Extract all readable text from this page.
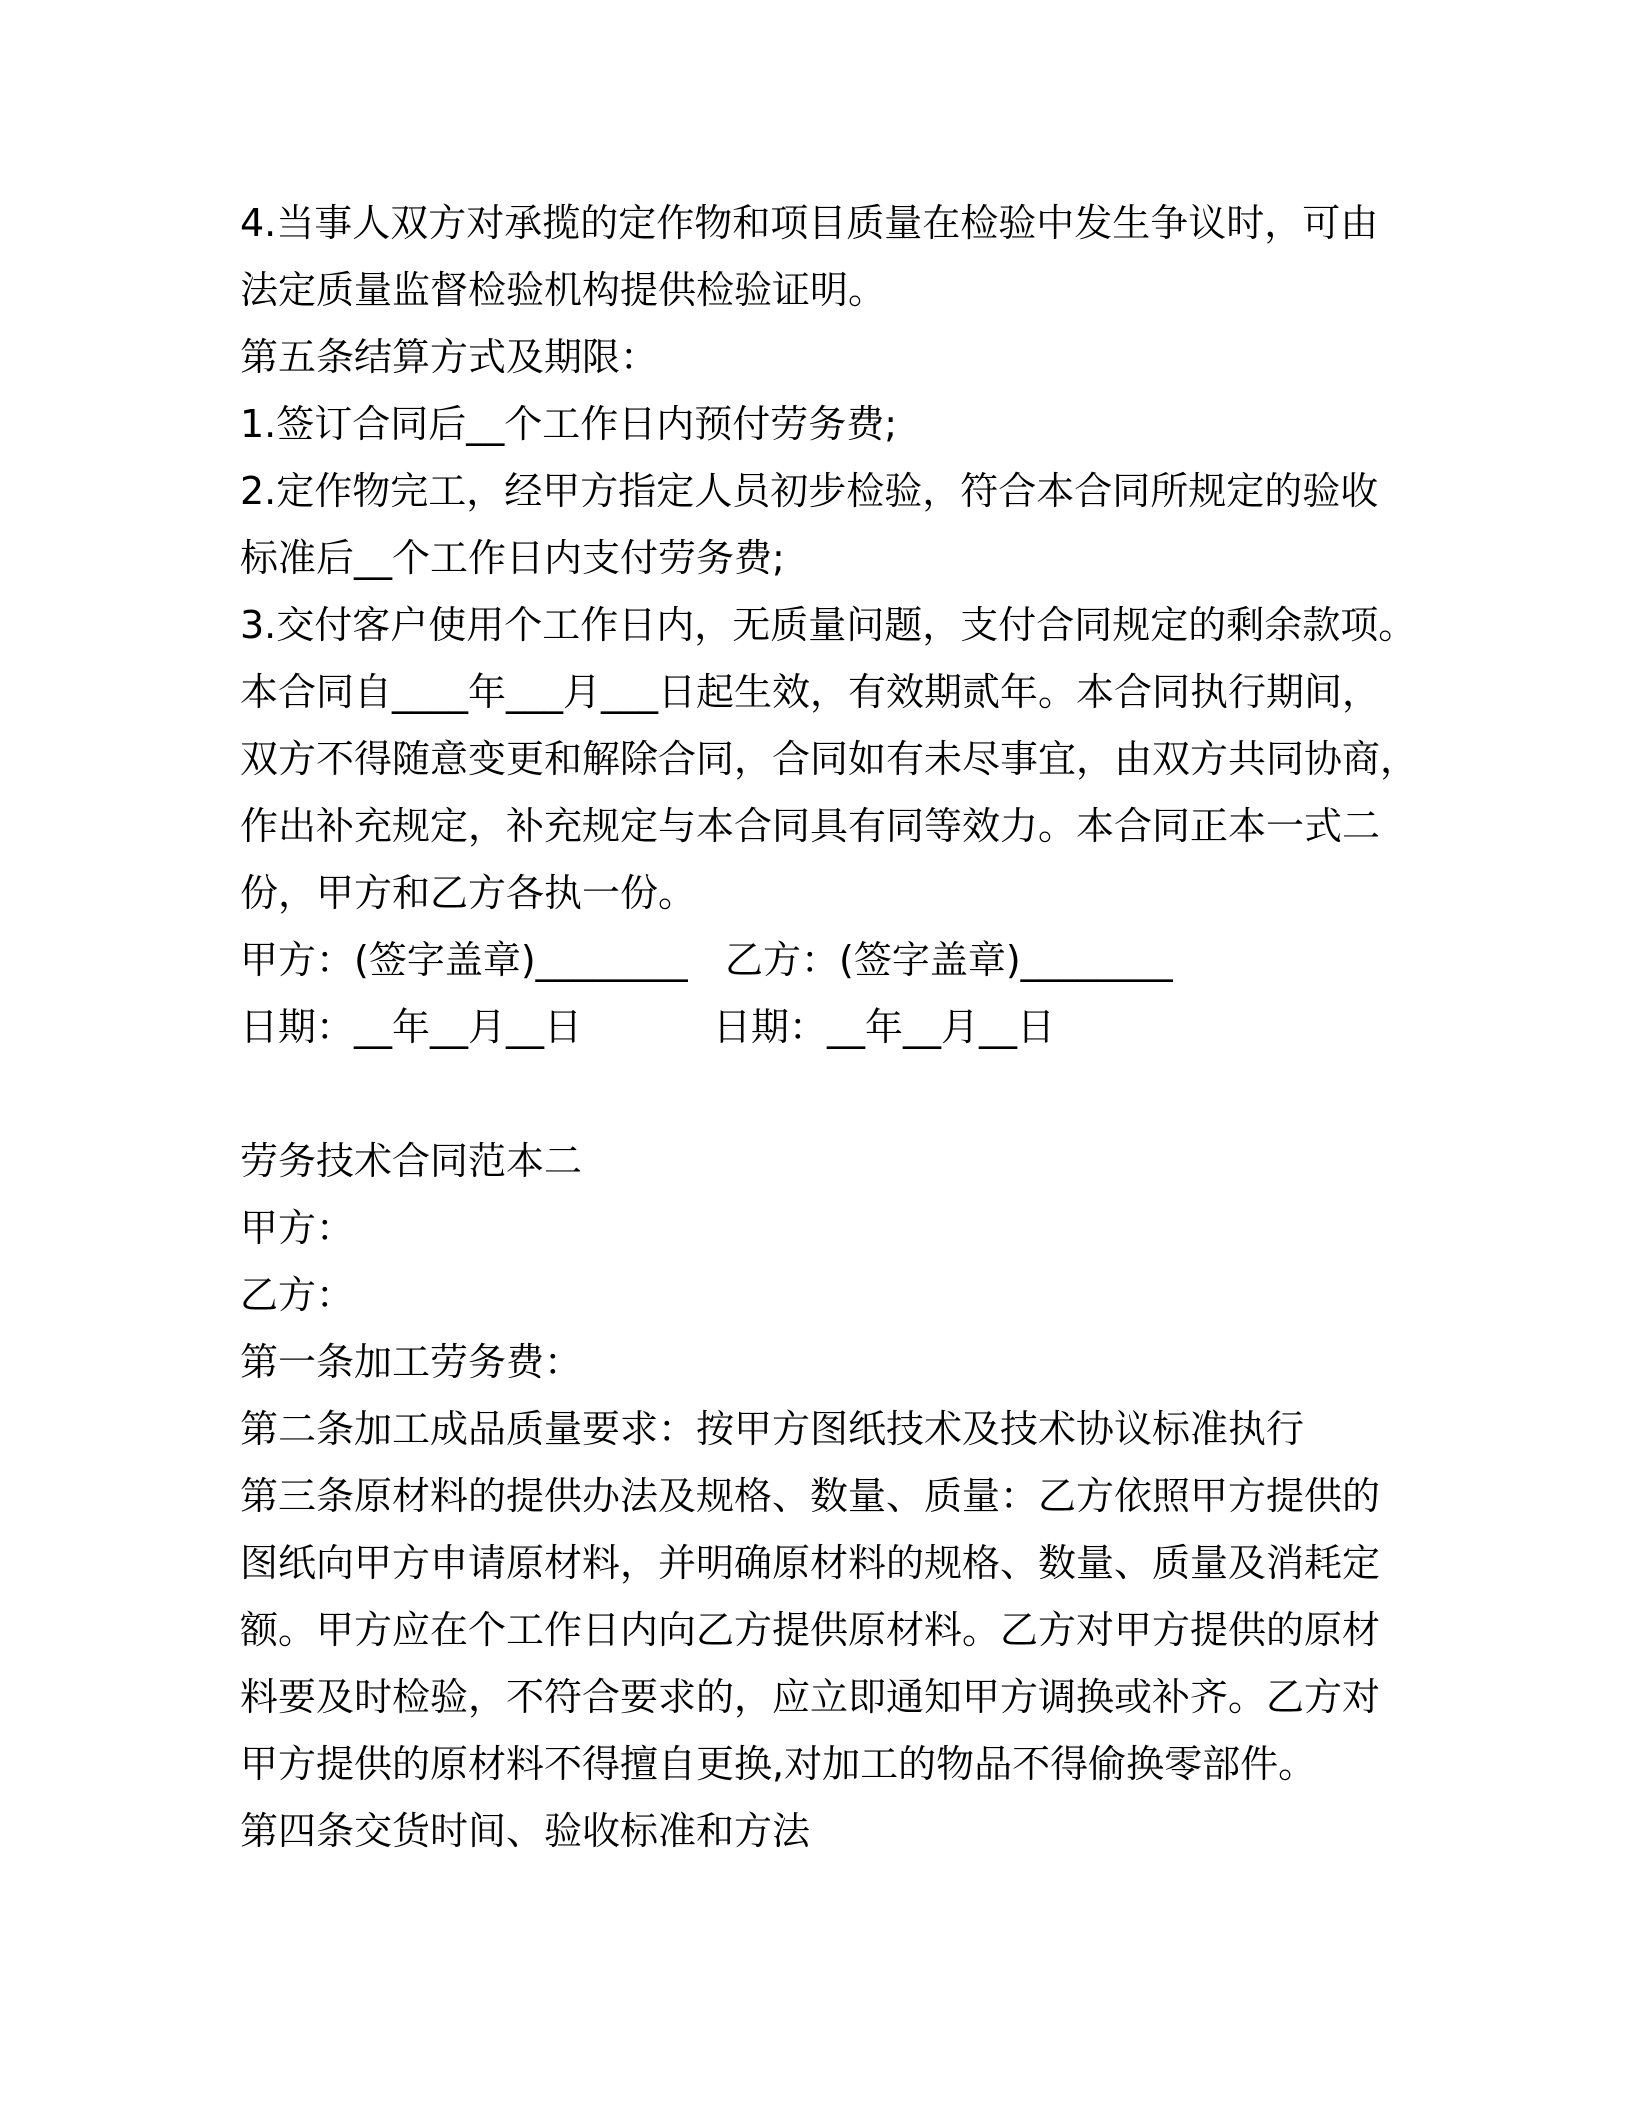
4.当事人双方对承揽的定作物和项目质量在检验中发生争议时，可由

法定质量监督检验机构提供检验证明。

第五条结算方式及期限：

1.签订合同后__个工作日内预付劳务费;

2.定作物完工，经甲方指定人员初步检验，符合本合同所规定的验收

标准后__个工作日内支付劳务费;

3.交付客户使用个工作日内，无质量问题，支付合同规定的剩余款项。

本合同自____年___月___日起生效，有效期贰年。本合同执行期间，

双方不得随意变更和解除合同，合同如有未尽事宜，由双方共同协商，

作出补充规定，补充规定与本合同具有同等效力。本合同正本一式二

份，甲方和乙方各执一份。

甲方：(签字盖章)________ 乙方：(签字盖章)________
日期：__年__月__日	日期：__年__月__日

劳务技术合同范本二

甲方：

乙方：

第一条加工劳务费：

第二条加工成品质量要求：按甲方图纸技术及技术协议标准执行

第三条原材料的提供办法及规格、数量、质量：乙方依照甲方提供的

图纸向甲方申请原材料，并明确原材料的规格、数量、质量及消耗定

额。甲方应在个工作日内向乙方提供原材料。乙方对甲方提供的原材

料要及时检验，不符合要求的，应立即通知甲方调换或补齐。乙方对

甲方提供的原材料不得擅自更换,对加工的物品不得偷换零部件。

第四条交货时间、验收标准和方法
